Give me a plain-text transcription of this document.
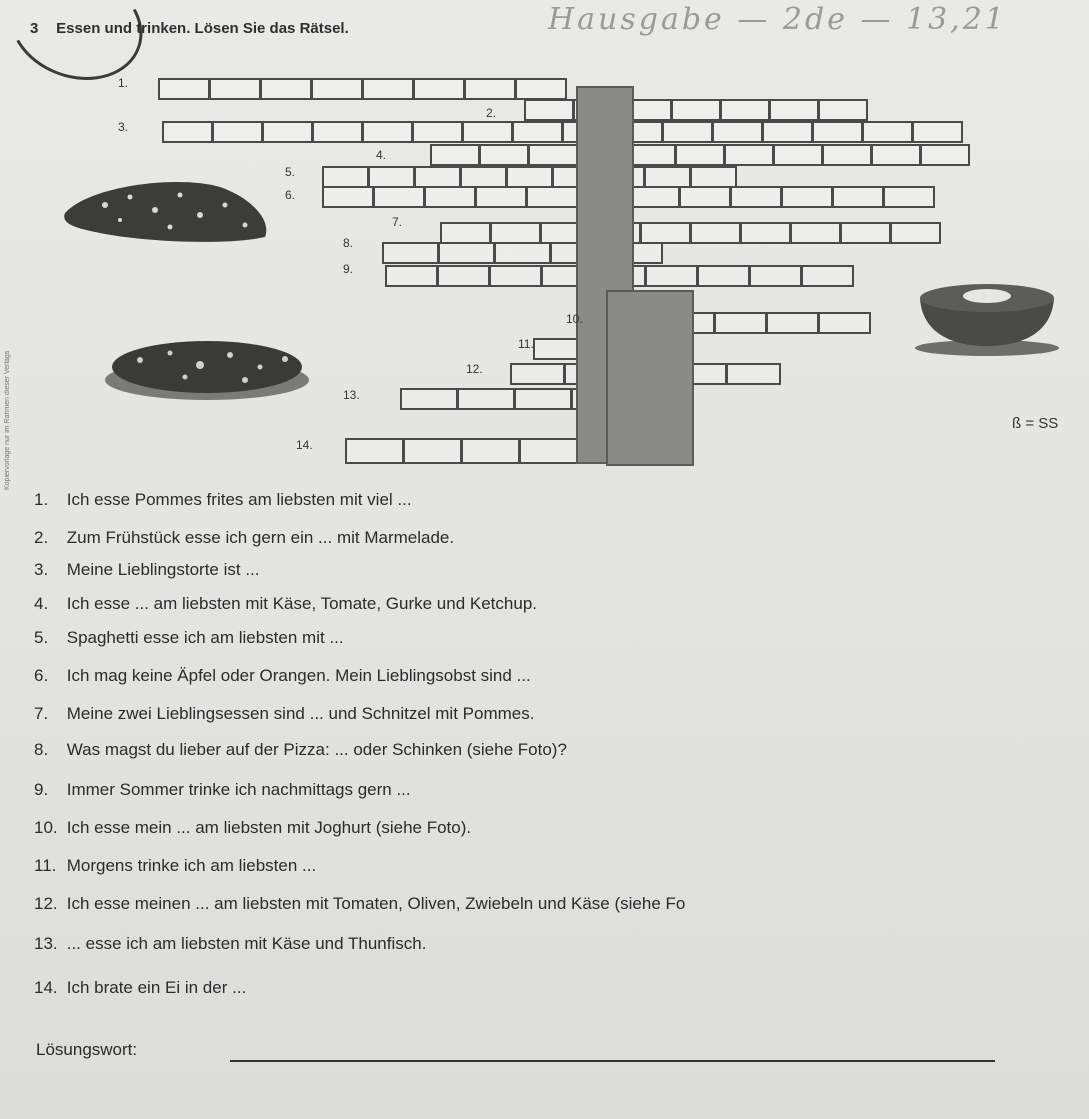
3 Essen und trinken. Lösen Sie das Rätsel.	Hausgabe — 2de — 13,21
Kopiervorlage nur im Rahmen dieser Verlags
1.
2.
3.
4.
5.
6.
7.
8.
9.
10.
11.
12.
13.
14.
ß = SS
1. Ich esse Pommes frites am liebsten mit viel ...
2. Zum Frühstück esse ich gern ein ... mit Marmelade.
3. Meine Lieblingstorte ist ...
4. Ich esse ... am liebsten mit Käse, Tomate, Gurke und Ketchup.
5. Spaghetti esse ich am liebsten mit ...
6. Ich mag keine Äpfel oder Orangen. Mein Lieblingsobst sind ...
7. Meine zwei Lieblingsessen sind ... und Schnitzel mit Pommes.
8. Was magst du lieber auf der Pizza: ... oder Schinken (siehe Foto)?
9. Immer Sommer trinke ich nachmittags gern ...
10. Ich esse mein ... am liebsten mit Joghurt (siehe Foto).
11. Morgens trinke ich am liebsten ...
12. Ich esse meinen ... am liebsten mit Tomaten, Oliven, Zwiebeln und Käse (siehe Fo
13. ... esse ich am liebsten mit Käse und Thunfisch.
14. Ich brate ein Ei in der ...
Lösungswort:
